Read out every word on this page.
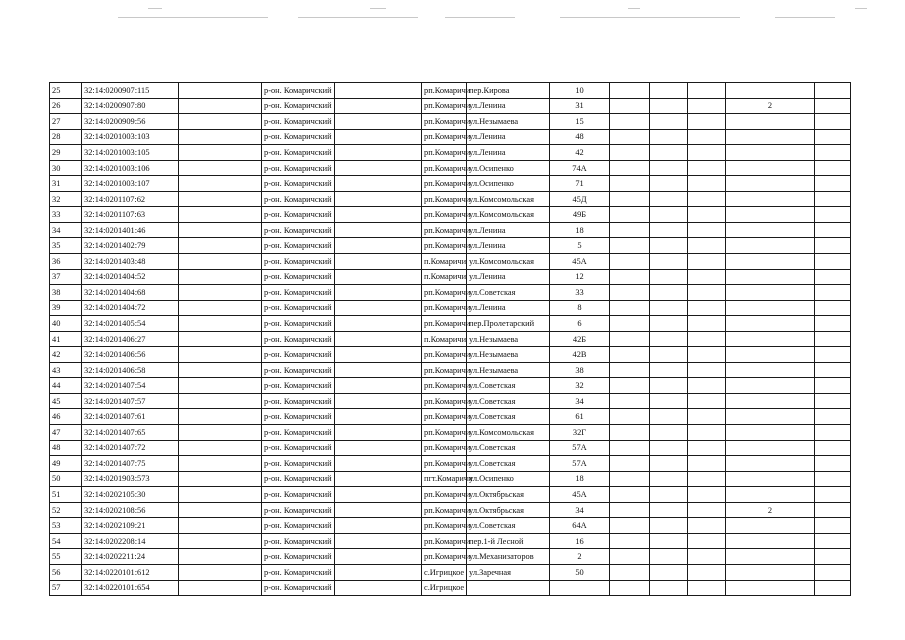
25	32:14:0200907:115		р-он. Комаричский		рп.Комаричи	пер.Кирова	10					
26	32:14:0200907:80		р-он. Комаричский		рп.Комаричи	ул.Ленина	31				2	
27	32:14:0200909:56		р-он. Комаричский		рп.Комаричи	ул.Незымаева	15					
28	32:14:0201003:103		р-он. Комаричский		рп.Комаричи	ул.Ленина	48					
29	32:14:0201003:105		р-он. Комаричский		рп.Комаричи	ул.Ленина	42					
30	32:14:0201003:106		р-он. Комаричский		рп.Комаричи	ул.Осипенко	74А					
31	32:14:0201003:107		р-он. Комаричский		рп.Комаричи	ул.Осипенко	71					
32	32:14:0201107:62		р-он. Комаричский		рп.Комаричи	ул.Комсомольская	45Д					
33	32:14:0201107:63		р-он. Комаричский		рп.Комаричи	ул.Комсомольская	49Б					
34	32:14:0201401:46		р-он. Комаричский		рп.Комаричи	ул.Ленина	18					
35	32:14:0201402:79		р-он. Комаричский		рп.Комаричи	ул.Ленина	5					
36	32:14:0201403:48		р-он. Комаричский		п.Комаричи	ул.Комсомольская	45А					
37	32:14:0201404:52		р-он. Комаричский		п.Комаричи	ул.Ленина	12					
38	32:14:0201404:68		р-он. Комаричский		рп.Комаричи	ул.Советская	33					
39	32:14:0201404:72		р-он. Комаричский		рп.Комаричи	ул.Ленина	8					
40	32:14:0201405:54		р-он. Комаричский		рп.Комаричи	пер.Пролетарский	6					
41	32:14:0201406:27		р-он. Комаричский		п.Комаричи	ул.Незымаева	42Б					
42	32:14:0201406:56		р-он. Комаричский		рп.Комаричи	ул.Незымаева	42В					
43	32:14:0201406:58		р-он. Комаричский		рп.Комаричи	ул.Незымаева	38					
44	32:14:0201407:54		р-он. Комаричский		рп.Комаричи	ул.Советская	32					
45	32:14:0201407:57		р-он. Комаричский		рп.Комаричи	ул.Советская	34					
46	32:14:0201407:61		р-он. Комаричский		рп.Комаричи	ул.Советская	61					
47	32:14:0201407:65		р-он. Комаричский		рп.Комаричи	ул.Комсомольская	32Г					
48	32:14:0201407:72		р-он. Комаричский		рп.Комаричи	ул.Советская	57А					
49	32:14:0201407:75		р-он. Комаричский		рп.Комаричи	ул.Советская	57А					
50	32:14:0201903:573		р-он. Комаричский		пгт.Комаричи	ул.Осипенко	18					
51	32:14:0202105:30		р-он. Комаричский		рп.Комаричи	ул.Октябрьская	45А					
52	32:14:0202108:56		р-он. Комаричский		рп.Комаричи	ул.Октябрьская	34				2	
53	32:14:0202109:21		р-он. Комаричский		рп.Комаричи	ул.Советская	64А					
54	32:14:0202208:14		р-он. Комаричский		рп.Комаричи	пер.1-й Лесной	16					
55	32:14:0202211:24		р-он. Комаричский		рп.Комаричи	ул.Механизаторов	2					
56	32:14:0220101:612		р-он. Комаричский		с.Игрицкое	ул.Заречная	50					
57	32:14:0220101:654		р-он. Комаричский		с.Игрицкое							
